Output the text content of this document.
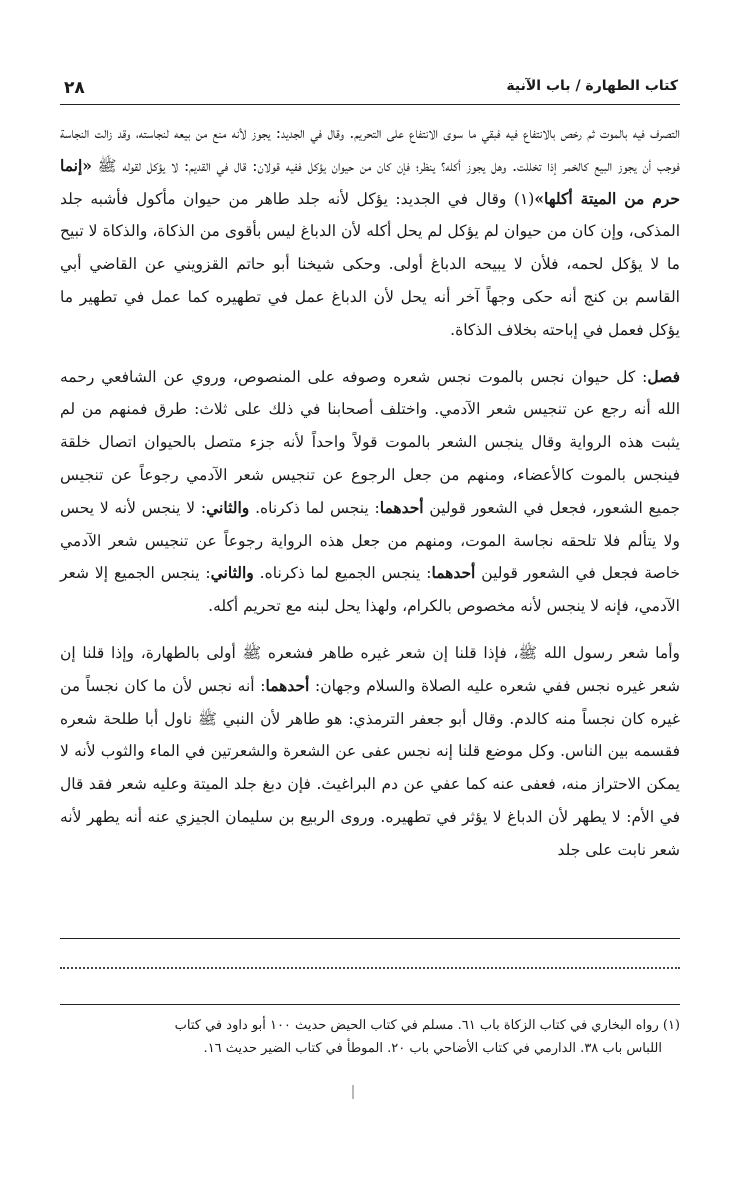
٢٨	كتاب الطهارة / باب الآنية

التصرف فيه بالموت ثم رخص بالانتفاع فيه فبقي ما سوى الانتفاع على التحريم. وقال في الجديد: يجوز لأنه منع من بيعه لنجاسته، وقد زالت النجاسة فوجب أن يجوز البيع كالخمر إذا تخللت. وهل يجوز أكله؟ ينظر؛ فإن كان من حيوان يؤكل ففيه قولان: قال في القديم: لا يؤكل لقوله ﷺ «إنما حرم من الميتة أكلها»(١) وقال في الجديد: يؤكل لأنه جلد طاهر من حيوان مأكول فأشبه جلد المذكى، وإن كان من حيوان لم يؤكل لم يحل أكله لأن الدباغ ليس بأقوى من الذكاة، والذكاة لا تبيح ما لا يؤكل لحمه، فلأن لا يبيحه الدباغ أولى. وحكى شيخنا أبو حاتم القزويني عن القاضي أبي القاسم بن كنج أنه حكى وجهاً آخر أنه يحل لأن الدباغ عمل في تطهيره كما عمل في تطهير ما يؤكل فعمل في إباحته بخلاف الذكاة.

فصل: كل حيوان نجس بالموت نجس شعره وصوفه على المنصوص، وروي عن الشافعي رحمه الله أنه رجع عن تنجيس شعر الآدمي. واختلف أصحابنا في ذلك على ثلاث: طرق فمنهم من لم يثبت هذه الرواية وقال ينجس الشعر بالموت قولاً واحداً لأنه جزء متصل بالحيوان اتصال خلقة فينجس بالموت كالأعضاء، ومنهم من جعل الرجوع عن تنجيس شعر الآدمي رجوعاً عن تنجيس جميع الشعور، فجعل في الشعور قولين أحدهما: ينجس لما ذكرناه. والثاني: لا ينجس لأنه لا يحس ولا يتألم فلا تلحقه نجاسة الموت، ومنهم من جعل هذه الرواية رجوعاً عن تنجيس شعر الآدمي خاصة فجعل في الشعور قولين أحدهما: ينجس الجميع لما ذكرناه. والثاني: ينجس الجميع إلا شعر الآدمي، فإنه لا ينجس لأنه مخصوص بالكرام، ولهذا يحل لبنه مع تحريم أكله.

وأما شعر رسول الله ﷺ، فإذا قلنا إن شعر غيره طاهر فشعره ﷺ أولى بالطهارة، وإذا قلنا إن شعر غيره نجس ففي شعره عليه الصلاة والسلام وجهان: أحدهما: أنه نجس لأن ما كان نجساً من غيره كان نجساً منه كالدم. وقال أبو جعفر الترمذي: هو طاهر لأن النبي ﷺ ناول أبا طلحة شعره فقسمه بين الناس. وكل موضع قلنا إنه نجس عفى عن الشعرة والشعرتين في الماء والثوب لأنه لا يمكن الاحتراز منه، فعفى عنه كما عفي عن دم البراغيث. فإن دبغ جلد الميتة وعليه شعر فقد قال في الأم: لا يطهر لأن الدباغ لا يؤثر في تطهيره. وروى الربيع بن سليمان الجيزي عنه أنه يطهر لأنه شعر نابت على جلد

(١) رواه البخاري في كتاب الزكاة باب ٦١. مسلم في كتاب الحيض حديث ١٠٠ أبو داود في كتاب
اللباس باب ٣٨. الدارمي في كتاب الأضاحي باب ٢٠. الموطأ في كتاب الضير حديث ١٦.
